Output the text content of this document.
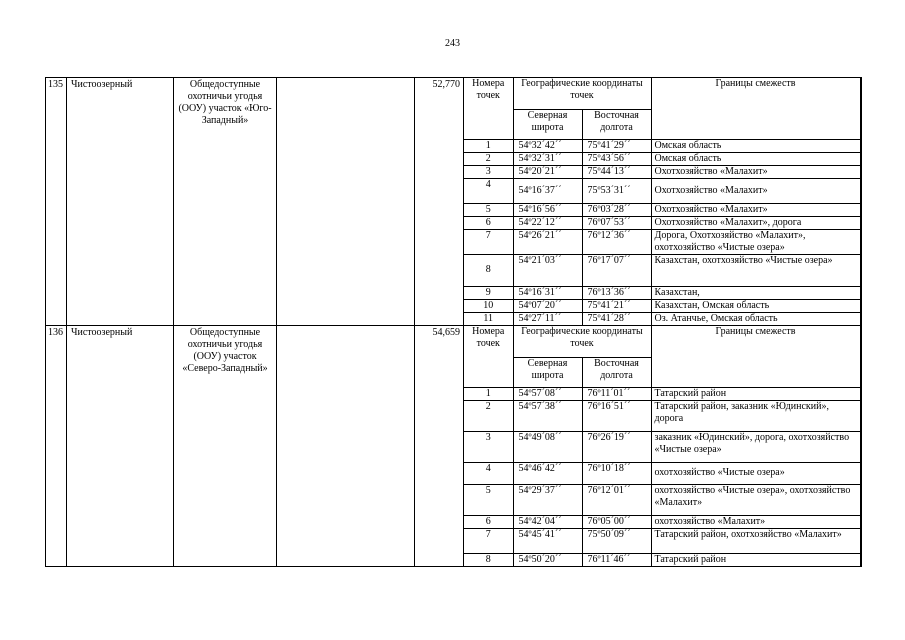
243
135	Чистоозерный	Общедоступные охотничьи угодья (ООУ) участок «Юго-Западный»		52,770	Номера точек	Географические координаты точек	Границы смежеств
Северная широта	Восточная долгота
1	54º32´42´´	75º41´29´´	Омская область
2	54º32´31´´	75º43´56´´	Омская область
3	54º20´21´´	75º44´13´´	Охотхозяйство «Малахит»
4	54º16´37´´	75º53´31´´	Охотхозяйство «Малахит»
5	54º16´56´´	76º03´28´´	Охотхозяйство «Малахит»
6	54º22´12´´	76º07´53´´	Охотхозяйство «Малахит», дорога
7	54º26´21´´	76º12´36´´	Дорога, Охотхозяйство «Малахит», охотхозяйство «Чистые озера»
8	54º21´03´´	76º17´07´´	Казахстан, охотхозяйство «Чистые озера»
9	54º16´31´´	76º13´36´´	Казахстан,
10	54º07´20´´	75º41´21´´	Казахстан, Омская область
11	54º27´11´´	75º41´28´´	Оз. Атанчье, Омская область

136	Чистоозерный	Общедоступные охотничьи угодья (ООУ) участок «Северо-Западный»		54,659	Номера точек	Географические координаты точек	Границы смежеств
Северная широта	Восточная долгота
1	54º57´08´´	76º11´01´´	Татарский район
2	54º57´38´´	76º16´51´´	Татарский район, заказник «Юдинский», дорога
3	54º49´08´´	76º26´19´´	заказник «Юдинский», дорога, охотхозяйство «Чистые озера»
4	54º46´42´´	76º10´18´´	охотхозяйство «Чистые озера»
5	54º29´37´´	76º12´01´´	охотхозяйство «Чистые озера», охотхозяйство «Малахит»
6	54º42´04´´	76º05´00´´	охотхозяйство «Малахит»
7	54º45´41´´	75º50´09´´	Татарский район, охотхозяйство «Малахит»
8	54º50´20´´	76º11´46´´	Татарский район
